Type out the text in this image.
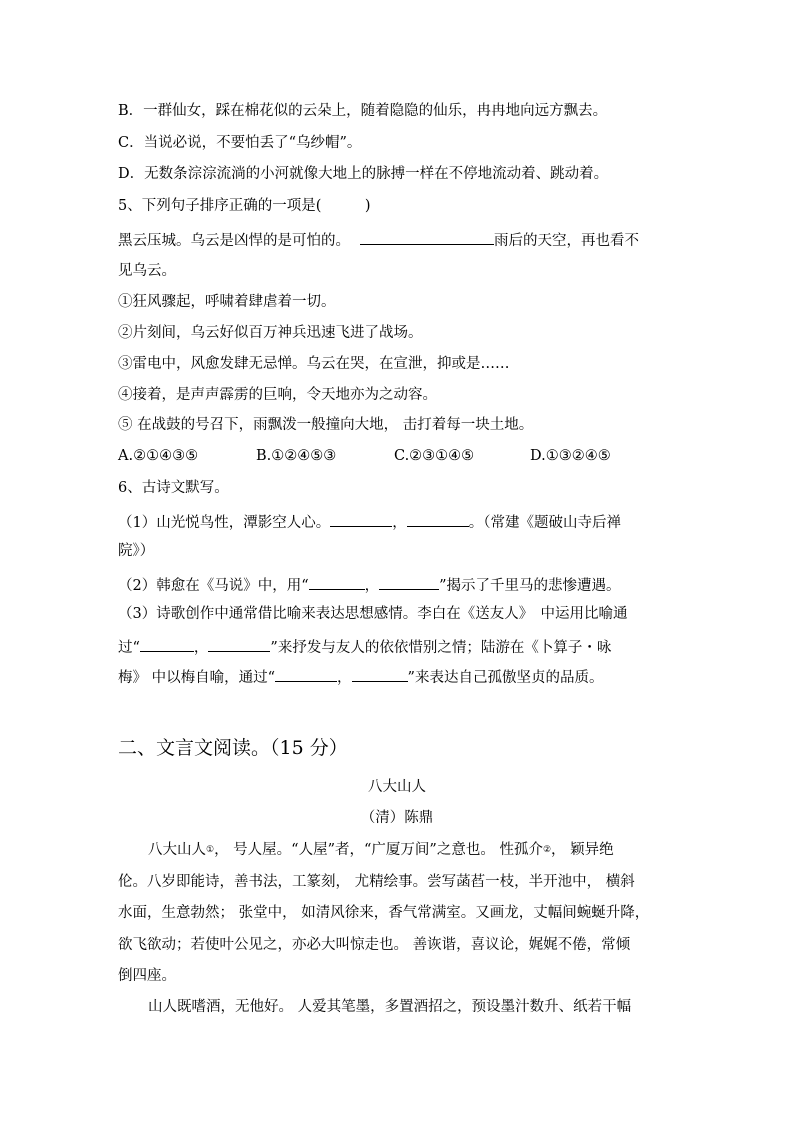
B．一群仙女，踩在棉花似的云朵上，随着隐隐的仙乐，冉冉地向远方飘去。
C．当说必说，不要怕丢了“乌纱帽”。
D．无数条淙淙流淌的小河就像大地上的脉搏一样在不停地流动着、跳动着。
5、下列句子排序正确的一项是(　　　)
黑云压城。乌云是凶悍的是可怕的。	雨后的天空，再也看不
见乌云。
①狂风骤起，呼啸着肆虐着一切。
②片刻间，乌云好似百万神兵迅速飞进了战场。
③雷电中，风愈发肆无忌惮。乌云在哭，在宣泄，抑或是……
④接着，是声声霹雳的巨响，令天地亦为之动容。
⑤ 在战鼓的号召下，雨飘泼一般撞向大地， 击打着每一块土地。
A.②①④③⑤	B.①②④⑤③	C.②③①④⑤	D.①③②④⑤
6、古诗文默写。
（1）山光悦鸟性，潭影空人心。	，	。（常建《题破山寺后禅
院》）
（2）韩愈在《马说》中，用“	，	”揭示了千里马的悲惨遭遇。
（3）诗歌创作中通常借比喻来表达思想感情。李白在《送友人》　中运用比喻通
过“	，	”来抒发与友人的依依惜别之情；陆游在《卜算子・咏
梅》 中以梅自喻，通过“	，	”来表达自己孤傲坚贞的品质。
二、文言文阅读。（15 分）
八大山人
（清）陈鼎
八大山人①， 号人屋。“人屋”者，“广厦万间”之意也。 性孤介②， 颖异绝
伦。八岁即能诗，善书法，工篆刻， 尤精绘事。尝写菡萏一枝，半开池中， 横斜
水面，生意勃然； 张堂中， 如清风徐来，香气常满室。又画龙，丈幅间蜿蜒升降，
欲飞欲动；若使叶公见之，亦必大叫惊走也。 善诙谐，喜议论，娓娓不倦，常倾
倒四座。
山人既嗜酒，无他好。 人爱其笔墨，多置酒招之，预设墨汁数升、纸若干幅
